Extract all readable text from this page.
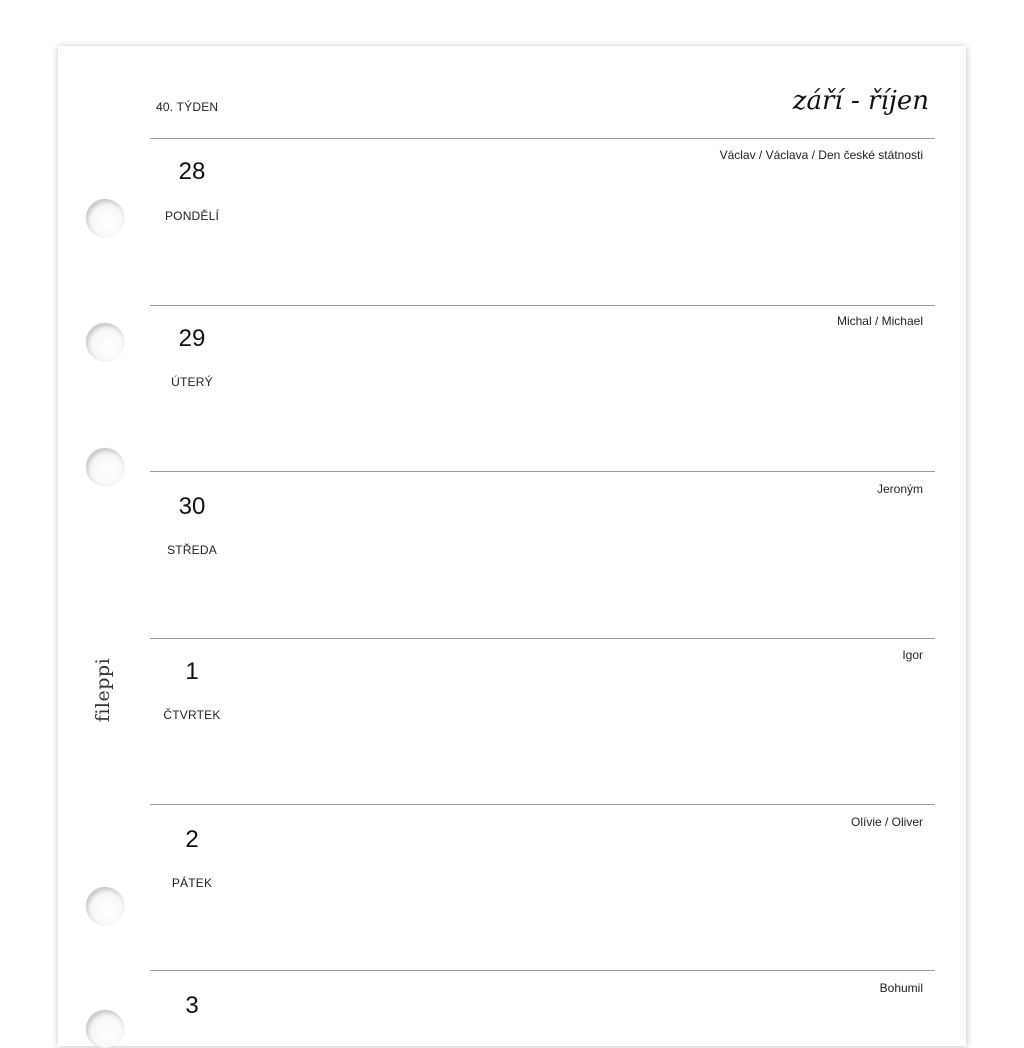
40. TÝDEN	září - říjen
fileppi
28
PONDĚLÍ
Václav / Václava / Den české státnosti
29
ÚTERÝ
Michal / Michael
30
STŘEDA
Jeroným
1
ČTVRTEK
Igor
2
PÁTEK
Olívie / Oliver
3
Bohumil
